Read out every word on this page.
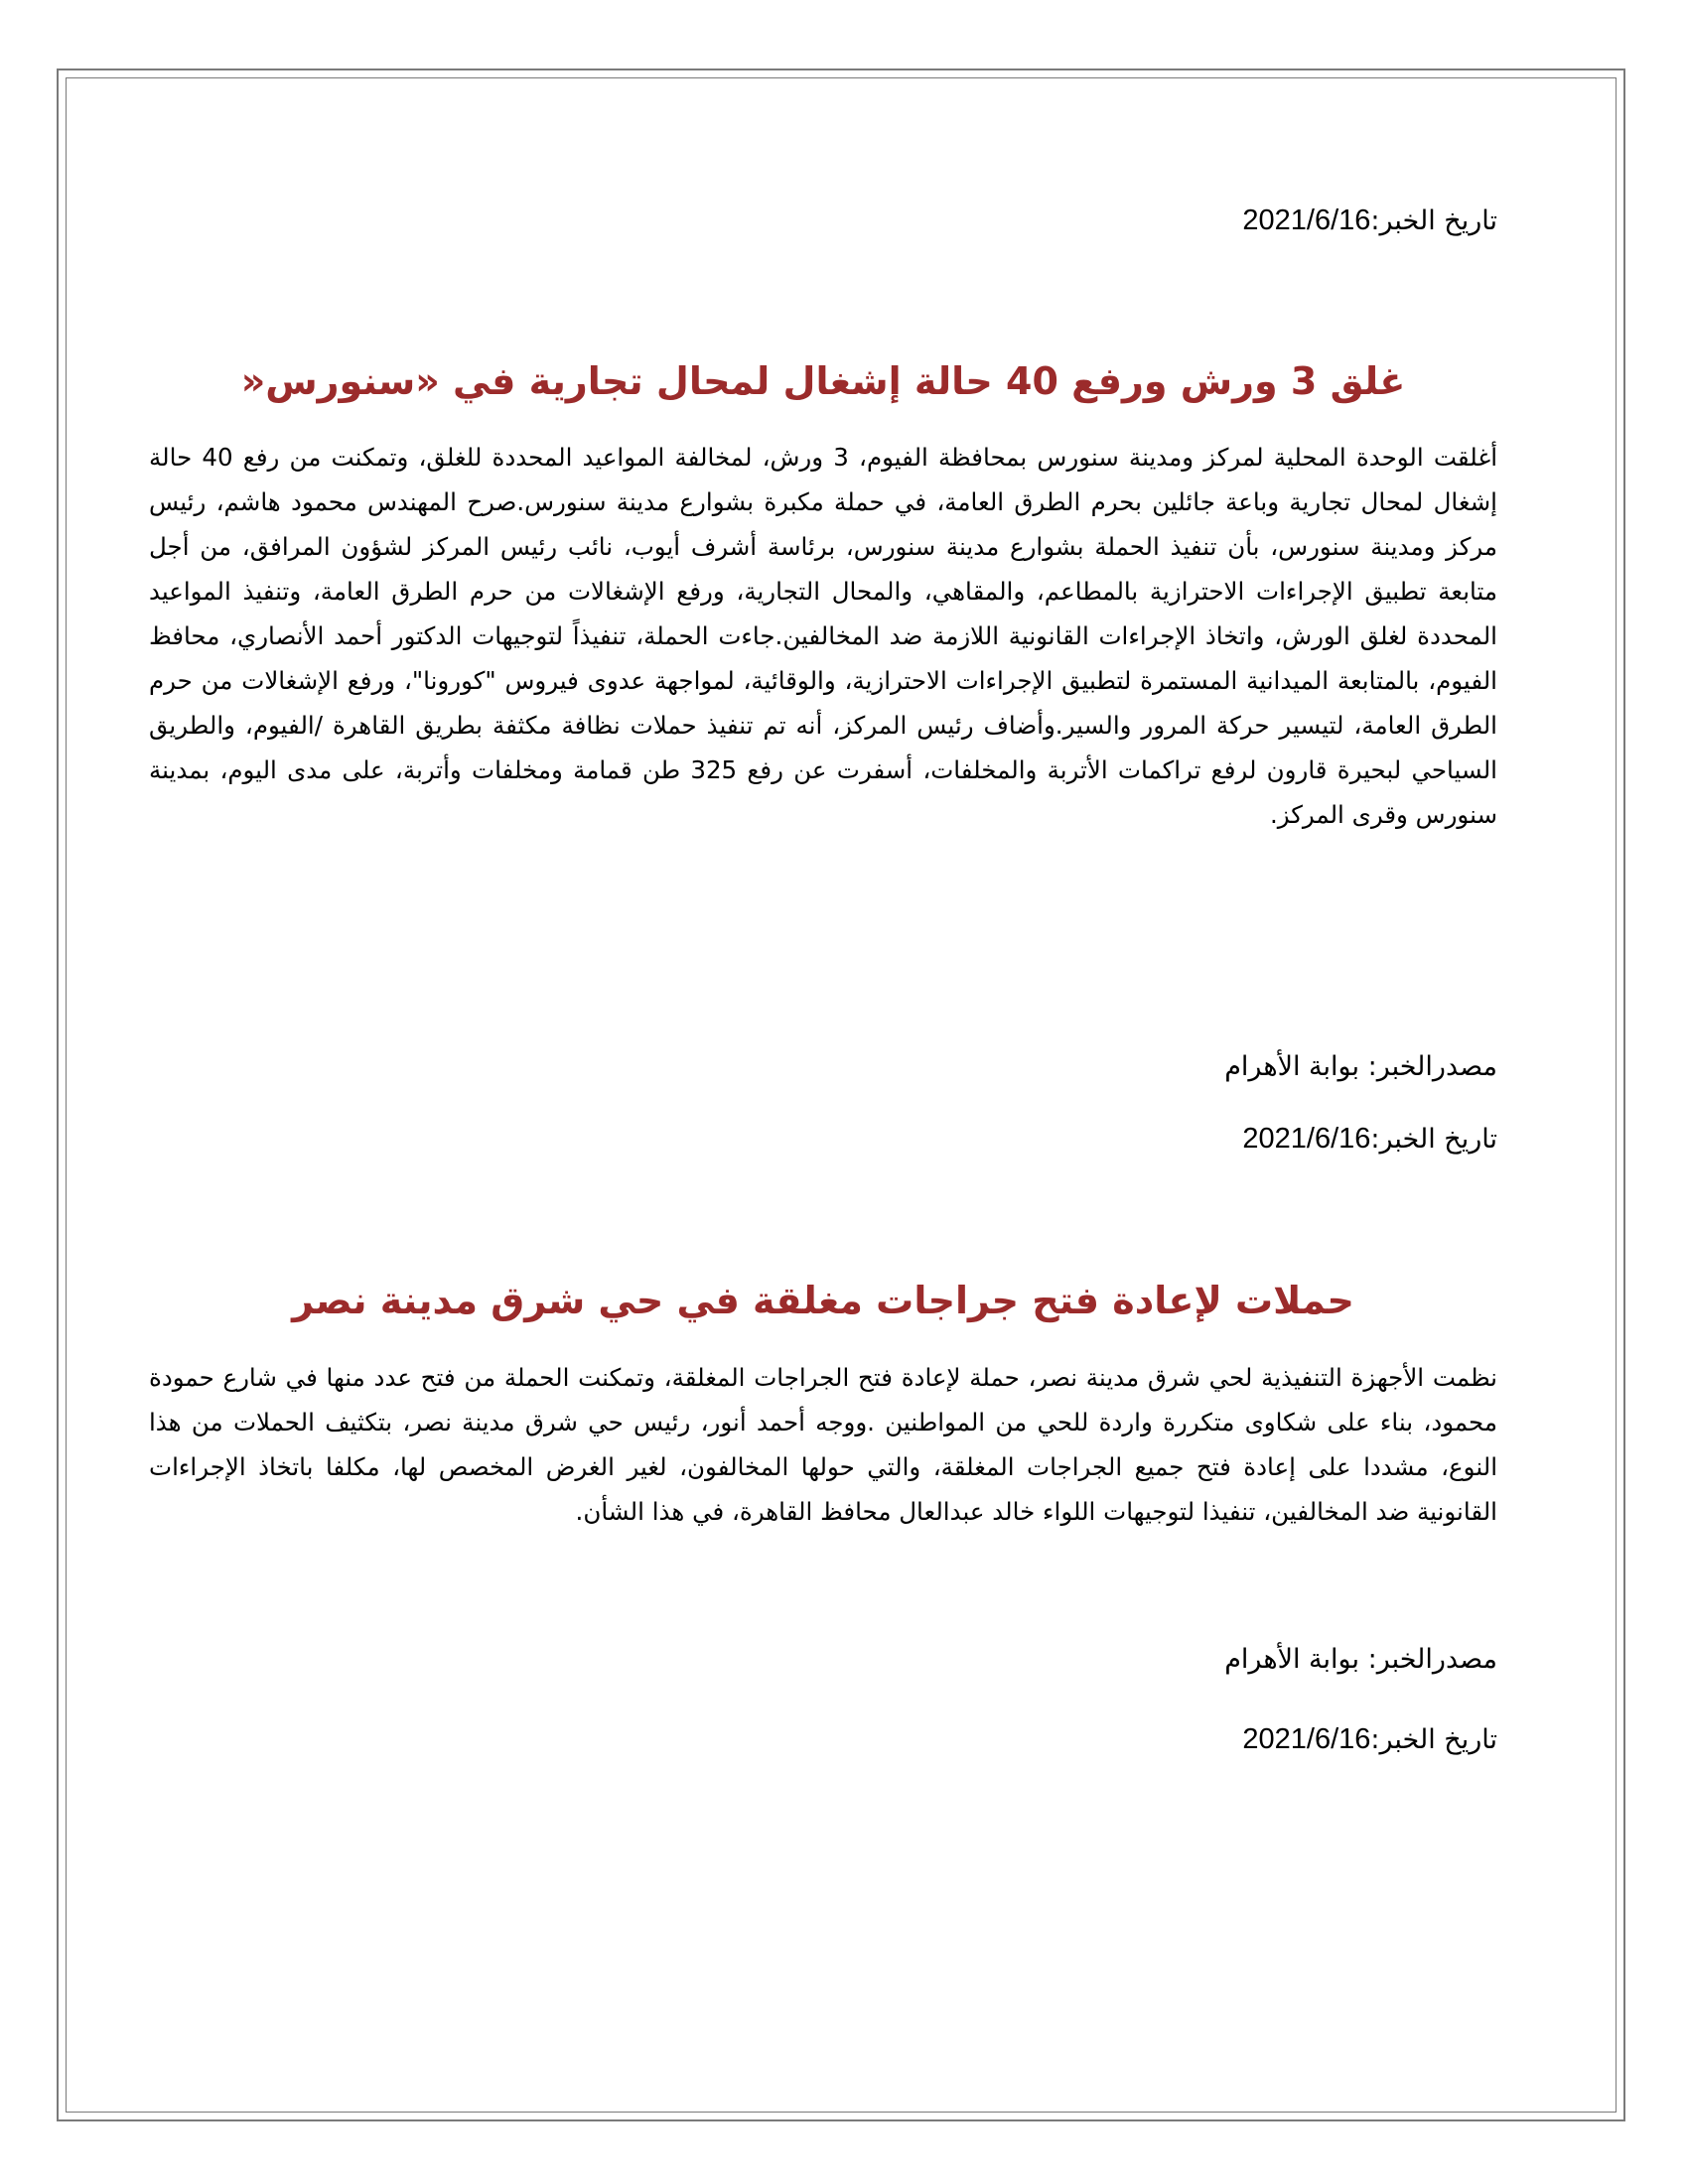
تاريخ الخبر:2021/6/16
غلق 3 ورش ورفع 40 حالة إشغال لمحال تجارية في «سنورس«

أغلقت الوحدة المحلية لمركز ومدينة سنورس بمحافظة الفيوم، 3 ورش، لمخالفة المواعيد المحددة للغلق، وتمكنت من رفع 40 حالة إشغال لمحال تجارية وباعة جائلين بحرم الطرق العامة، في حملة مكبرة بشوارع مدينة سنورس.صرح المهندس محمود هاشم، رئيس مركز ومدينة سنورس، بأن تنفيذ الحملة بشوارع مدينة سنورس، برئاسة أشرف أيوب، نائب رئيس المركز لشؤون المرافق، من أجل متابعة تطبيق الإجراءات الاحترازية بالمطاعم، والمقاهي، والمحال التجارية، ورفع الإشغالات من حرم الطرق العامة، وتنفيذ المواعيد المحددة لغلق الورش، واتخاذ الإجراءات القانونية اللازمة ضد المخالفين.جاءت الحملة، تنفيذاً لتوجيهات الدكتور أحمد الأنصاري، محافظ الفيوم، بالمتابعة الميدانية المستمرة لتطبيق الإجراءات الاحترازية، والوقائية، لمواجهة عدوى فيروس "كورونا"، ورفع الإشغالات من حرم الطرق العامة، لتيسير حركة المرور والسير.وأضاف رئيس المركز، أنه تم تنفيذ حملات نظافة مكثفة بطريق القاهرة /الفيوم، والطريق السياحي لبحيرة قارون لرفع تراكمات الأتربة والمخلفات، أسفرت عن رفع 325 طن قمامة ومخلفات وأتربة، على مدى اليوم، بمدينة سنورس وقرى المركز.

مصدرالخبر: بوابة الأهرام
تاريخ الخبر:2021/6/16
حملات لإعادة فتح جراجات مغلقة في حي شرق مدينة نصر

نظمت الأجهزة التنفيذية لحي شرق مدينة نصر، حملة لإعادة فتح الجراجات المغلقة، وتمكنت الحملة من فتح عدد منها في شارع حمودة محمود، بناء على شكاوى متكررة واردة للحي من المواطنين .ووجه أحمد أنور، رئيس حي شرق مدينة نصر، بتكثيف الحملات من هذا النوع، مشددا على إعادة فتح جميع الجراجات المغلقة، والتي حولها المخالفون، لغير الغرض المخصص لها، مكلفا باتخاذ الإجراءات القانونية ضد المخالفين، تنفيذا لتوجيهات اللواء خالد عبدالعال محافظ القاهرة، في هذا الشأن.

مصدرالخبر: بوابة الأهرام
تاريخ الخبر:2021/6/16
